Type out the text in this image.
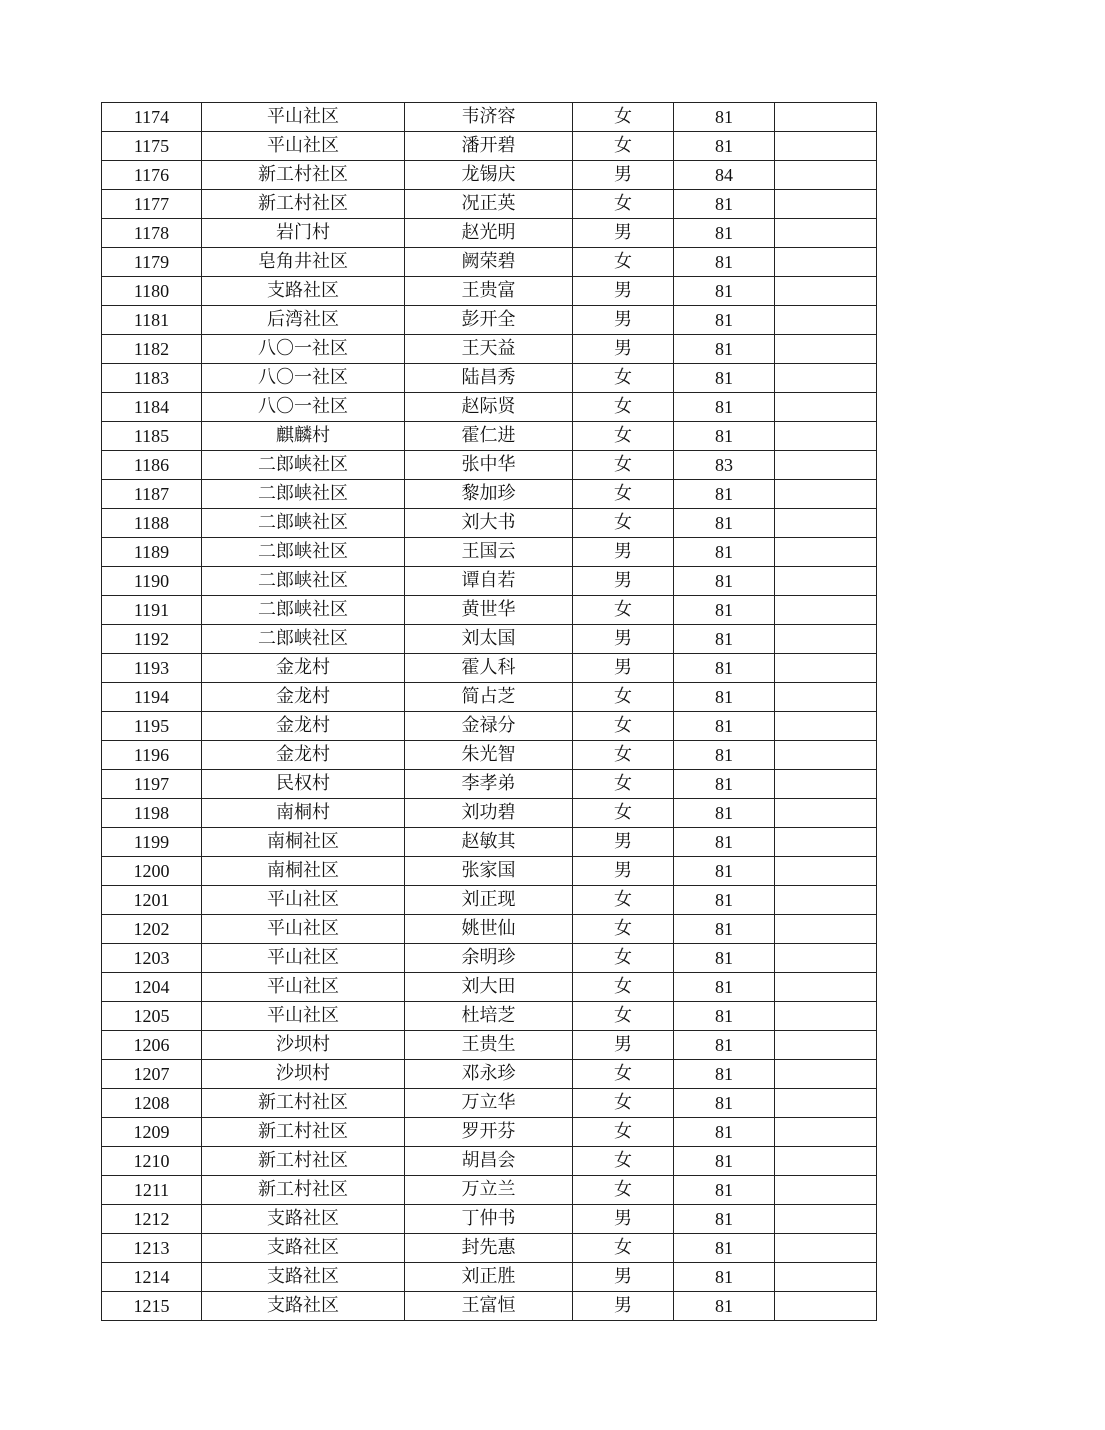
1174	平山社区	韦济容	女	81	
1175	平山社区	潘开碧	女	81	
1176	新工村社区	龙锡庆	男	84	
1177	新工村社区	况正英	女	81	
1178	岩门村	赵光明	男	81	
1179	皂角井社区	阙荣碧	女	81	
1180	支路社区	王贵富	男	81	
1181	后湾社区	彭开全	男	81	
1182	八〇一社区	王天益	男	81	
1183	八〇一社区	陆昌秀	女	81	
1184	八〇一社区	赵际贤	女	81	
1185	麒麟村	霍仁进	女	81	
1186	二郎峡社区	张中华	女	83	
1187	二郎峡社区	黎加珍	女	81	
1188	二郎峡社区	刘大书	女	81	
1189	二郎峡社区	王国云	男	81	
1190	二郎峡社区	谭自若	男	81	
1191	二郎峡社区	黄世华	女	81	
1192	二郎峡社区	刘太国	男	81	
1193	金龙村	霍人科	男	81	
1194	金龙村	简占芝	女	81	
1195	金龙村	金禄分	女	81	
1196	金龙村	朱光智	女	81	
1197	民权村	李孝弟	女	81	
1198	南桐村	刘功碧	女	81	
1199	南桐社区	赵敏其	男	81	
1200	南桐社区	张家国	男	81	
1201	平山社区	刘正现	女	81	
1202	平山社区	姚世仙	女	81	
1203	平山社区	余明珍	女	81	
1204	平山社区	刘大田	女	81	
1205	平山社区	杜培芝	女	81	
1206	沙坝村	王贵生	男	81	
1207	沙坝村	邓永珍	女	81	
1208	新工村社区	万立华	女	81	
1209	新工村社区	罗开芬	女	81	
1210	新工村社区	胡昌会	女	81	
1211	新工村社区	万立兰	女	81	
1212	支路社区	丁仲书	男	81	
1213	支路社区	封先惠	女	81	
1214	支路社区	刘正胜	男	81	
1215	支路社区	王富恒	男	81	
